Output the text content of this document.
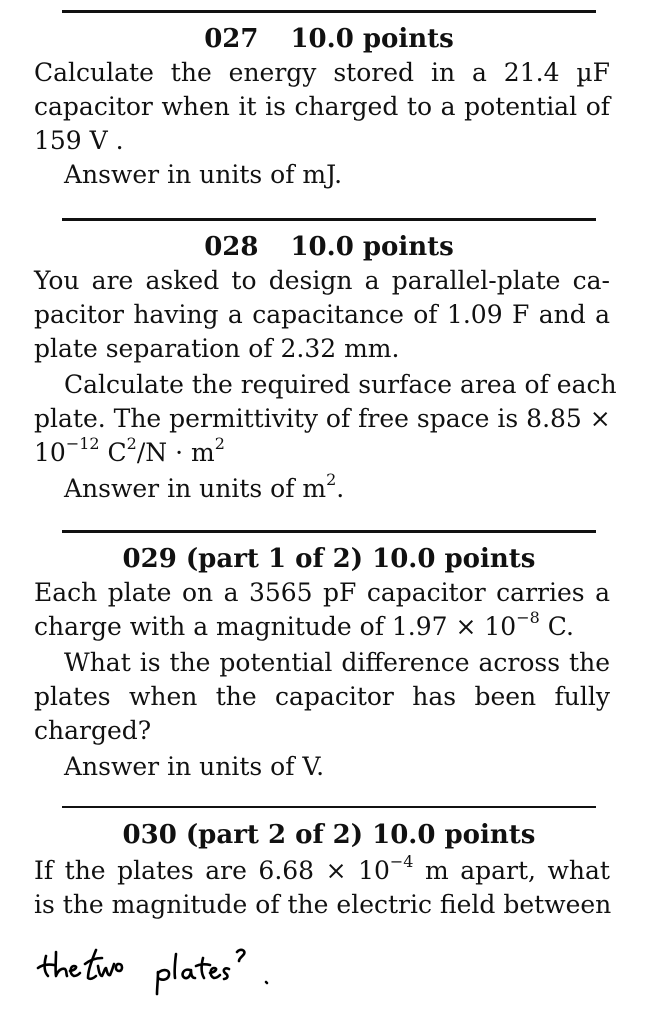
027 10.0 points
Calculate the energy stored in a 21.4 µF
capacitor when it is charged to a potential of
159 V .
Answer in units of mJ.
028 10.0 points
You are asked to design a parallel-plate ca-
pacitor having a capacitance of 1.09 F and a
plate separation of 2.32 mm.
Calculate the required surface area of each
plate. The permittivity of free space is 8.85 ×
$10^{-12}$ $C^2/N \cdot m^2$
Answer in units of $m^2$.
029 (part 1 of 2) 10.0 points
Each plate on a 3565 pF capacitor carries a
charge with a magnitude of $1.97 \times 10^{-8}$ C.
What is the potential difference across the
plates when the capacitor has been fully
charged?
Answer in units of V.
030 (part 2 of 2) 10.0 points
If the plates are $6.68 \times 10^{-4}$ m apart, what
is the magnitude of the electric field between
